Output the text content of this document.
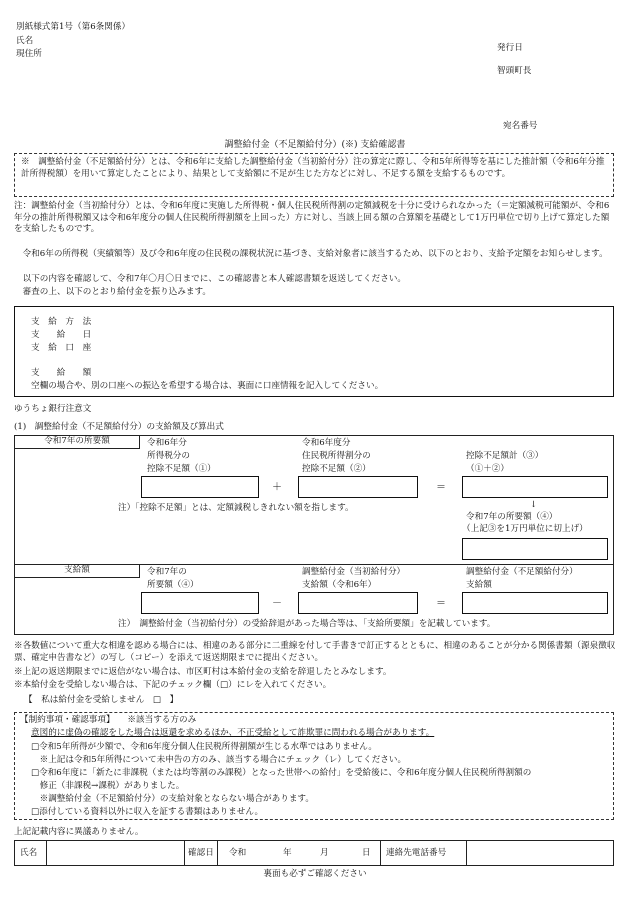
別紙様式第1号（第6条関係）
氏名
現住所
発行日
智頭町長
宛名番号
調整給付金（不足額給付分）(※) 支給確認書
※　調整給付金（不足額給付分）とは、令和6年に支給した調整給付金（当初給付分）注の算定に際し、令和5年所得等を基にした推計額（令和6年分推計所得税額）を用いて算定したことにより、結果として支給額に不足が生じた方などに対し、不足する額を支給するものです。
注：調整給付金（当初給付分）とは、令和6年度に実施した所得税・個人住民税所得割の定額減税を十分に受けられなかった（＝定額減税可能額が、令和6年分の推計所得税額又は令和6年度分の個人住民税所得割額を上回った）方に対し、当該上回る額の合算額を基礎として1万円単位で切り上げて算定した額を支給したものです。
　令和6年の所得税（実績額等）及び令和6年度の住民税の課税状況に基づき、支給対象者に該当するため、以下のとおり、支給予定額をお知らせします。
　以下の内容を確認して、令和7年〇月〇日までに、この確認書と本人確認書類を返送してください。
　審査の上、以下のとおり給付金を振り込みます。
支　給　方　法
支　　給　　日
支　給　口　座
支　　給　　額
空欄の場合や、別の口座への振込を希望する場合は、裏面に口座情報を記入してください。
ゆうちょ銀行注意文
(1)　調整給付金（不足額給付分）の支給額及び算出式
令和7年の所要額
支給額
令和6年分
所得税分の
控除不足額（①）
＋
令和6年度分
住民税所得割分の
控除不足額（②）
＝
控除不足額計（③）
（①＋②）
↓
注）「控除不足額」とは、定額減税しきれない額を指します。
令和7年の所要額（④）
（上記③を1万円単位に切上げ）
令和7年の
所要額（④）
－
調整給付金（当初給付分）
支給額（令和6年）
＝
調整給付金（不足額給付分）
支給額
注）　調整給付金（当初給付分）の受給辞退があった場合等は、「支給所要額」を記載しています。
※各数値について重大な相違を認める場合には、相違のある部分に二重線を付して手書きで訂正するとともに、相違のあることが分かる関係書類（源泉徴収票、確定申告書など）の写し（コピー）を添えて返送期限までに提出ください。
※上記の返送期限までに返信がない場合は、市区町村は本給付金の支給を辞退したとみなします。
※本給付金を受給しない場合は、下記のチェック欄（□）にレを入れてください。
【　私は給付金を受給しません　□　】
【制約事項・確認事項】　　※該当する方のみ
意図的に虚偽の確認をした場合は返還を求めるほか、不正受給として詐欺罪に問われる場合があります。
□令和5年所得が少額で、令和6年度分個人住民税所得割額が生じる水準ではありません。
　※上記は令和5年所得について未申告の方のみ、該当する場合にチェック（レ）してください。
□令和6年度に「新たに非課税（または均等割のみ課税）となった世帯への給付」を受給後に、令和6年度分個人住民税所得割額の
　修正（非課税→課税）がありました。
　※調整給付金（不足額給付分）の支給対象とならない場合があります。
□添付している資料以外に収入を証する書類はありません。
上記記載内容に異議ありません。
氏名	確認日 令和	年	月	日 連絡先電話番号
裏面も必ずご確認ください
